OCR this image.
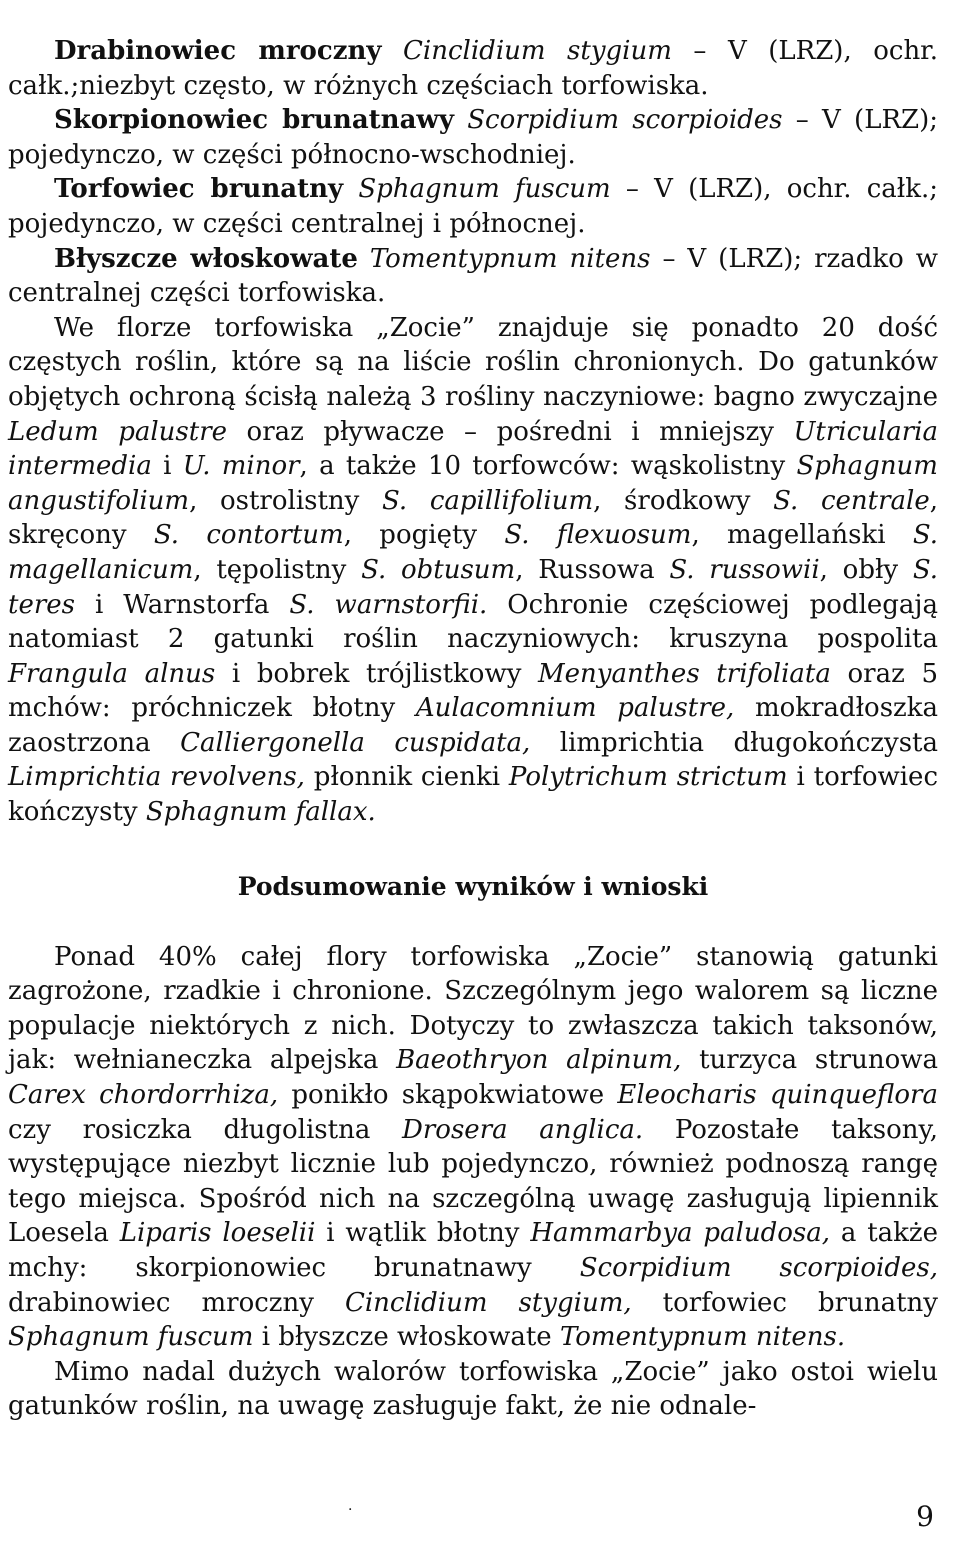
Drabinowiec mroczny Cinclidium stygium – V (LRZ), ochr. całk.;niezbyt często, w różnych częściach torfowiska.

Skorpionowiec brunatnawy Scorpidium scorpioides – V (LRZ); pojedynczo, w części północno-wschodniej.

Torfowiec brunatny Sphagnum fuscum – V (LRZ), ochr. całk.; pojedynczo, w części centralnej i północnej.

Błyszcze włoskowate Tomentypnum nitens – V (LRZ); rzadko w centralnej części torfowiska.

We florze torfowiska „Zocie” znajduje się ponadto 20 dość częstych roślin, które są na liście roślin chronionych. Do gatunków objętych ochroną ścisłą należą 3 rośliny naczyniowe: bagno zwyczajne Ledum palustre oraz pływacze – pośredni i mniejszy Utricularia intermedia i U. minor, a także 10 torfowców: wąskolistny Sphagnum angustifolium, ostrolistny S. capillifolium, środkowy S. centrale, skręcony S. contortum, pogięty S. flexuosum, magellański S. magellanicum, tępolistny S. obtusum, Russowa S. russowii, obły S. teres i Warnstorfa S. warnstorfii. Ochronie częściowej podlegają natomiast 2 gatunki roślin naczyniowych: kruszyna pospolita Frangula alnus i bobrek trójlistkowy Menyanthes trifoliata oraz 5 mchów: próchniczek błotny Aulacomnium palustre, mokradłoszka zaostrzona Calliergonella cuspidata, limprichtia długokończysta Limprichtia revolvens, płonnik cienki Polytrichum strictum i torfowiec kończysty Sphagnum fallax.

Podsumowanie wyników i wnioski

Ponad 40% całej flory torfowiska „Zocie” stanowią gatunki zagrożone, rzadkie i chronione. Szczególnym jego walorem są liczne populacje niektórych z nich. Dotyczy to zwłaszcza takich taksonów, jak: wełnianeczka alpejska Baeothryon alpinum, turzyca strunowa Carex chordorrhiza, ponikło skąpokwiatowe Eleocharis quinqueflora czy rosiczka długolistna Drosera anglica. Pozostałe taksony, występujące niezbyt licznie lub pojedynczo, również podnoszą rangę tego miejsca. Spośród nich na szczególną uwagę zasługują lipiennik Loesela Liparis loeselii i wątlik błotny Hammarbya paludosa, a także mchy: skorpionowiec brunatnawy Scorpidium scorpioides, drabinowiec mroczny Cinclidium stygium, torfowiec brunatny Sphagnum fuscum i błyszcze włoskowate Tomentypnum nitens.

Mimo nadal dużych walorów torfowiska „Zocie” jako ostoi wielu gatunków roślin, na uwagę zasługuje fakt, że nie odnale-

·	9
